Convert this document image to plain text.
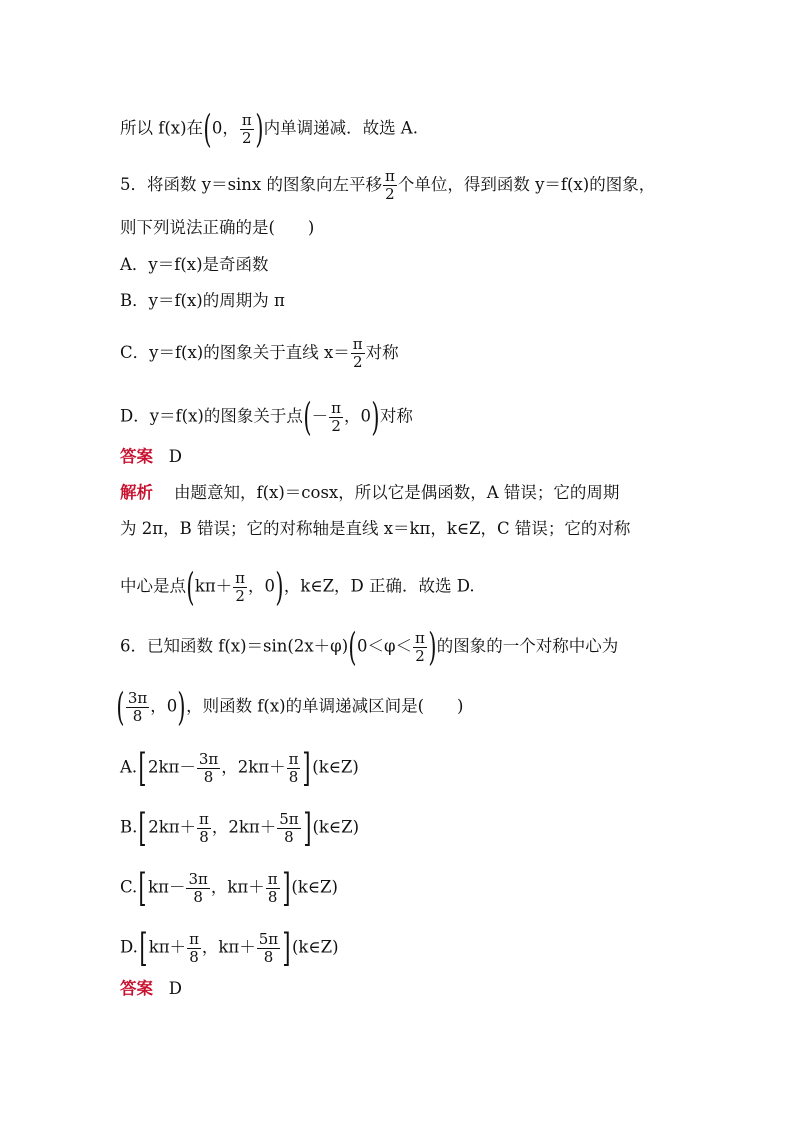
所以 f(x)在(0， $\frac{\pi}{2}$ )内单调递减．故选 A.
5．将函数 y＝sinx 的图象向左平移 $\frac{\pi}{2}$ 个单位，得到函数 y＝f(x)的图象，
则下列说法正确的是(　　)
A．y＝f(x)是奇函数
B．y＝f(x)的周期为 π
C．y＝f(x)的图象关于直线 $x= \frac{\pi}{2}$ 对称
D．y＝f(x)的图象关于点(－ $\frac{\pi}{2}$ ，0)对称
答案 D
解析 由题意知，f(x)＝cosx，所以它是偶函数，A 错误；它的周期
为 2π，B 错误；它的对称轴是直线 x＝kπ，k∈Z，C 错误；它的对称
中心是点($k\pi+ \frac{\pi}{2}$ ，0)，k∈Z，D 正确．故选 D.
6．已知函数 $f(x)=\sin(2x+\varphi)(0<\varphi< \frac{\pi}{2}$ )的图象的一个对称中心为
( $\frac{3\pi}{8}$ ，0)，则函数 f(x)的单调递减区间是(　　)
$A.[2k\pi- \frac{3\pi}{8}$ ，$2k\pi+ \frac{\pi}{8}$ ](k∈Z)
$B.[2k\pi+ \frac{\pi}{8}$ ，$2k\pi+ \frac{5\pi}{8}$ ](k∈Z)
$C.[k\pi- \frac{3\pi}{8}$ ，$k\pi+ \frac{\pi}{8}$ ](k∈Z)
$D.[k\pi+ \frac{\pi}{8}$ ，$k\pi+ \frac{5\pi}{8}$ ](k∈Z)
答案 D
